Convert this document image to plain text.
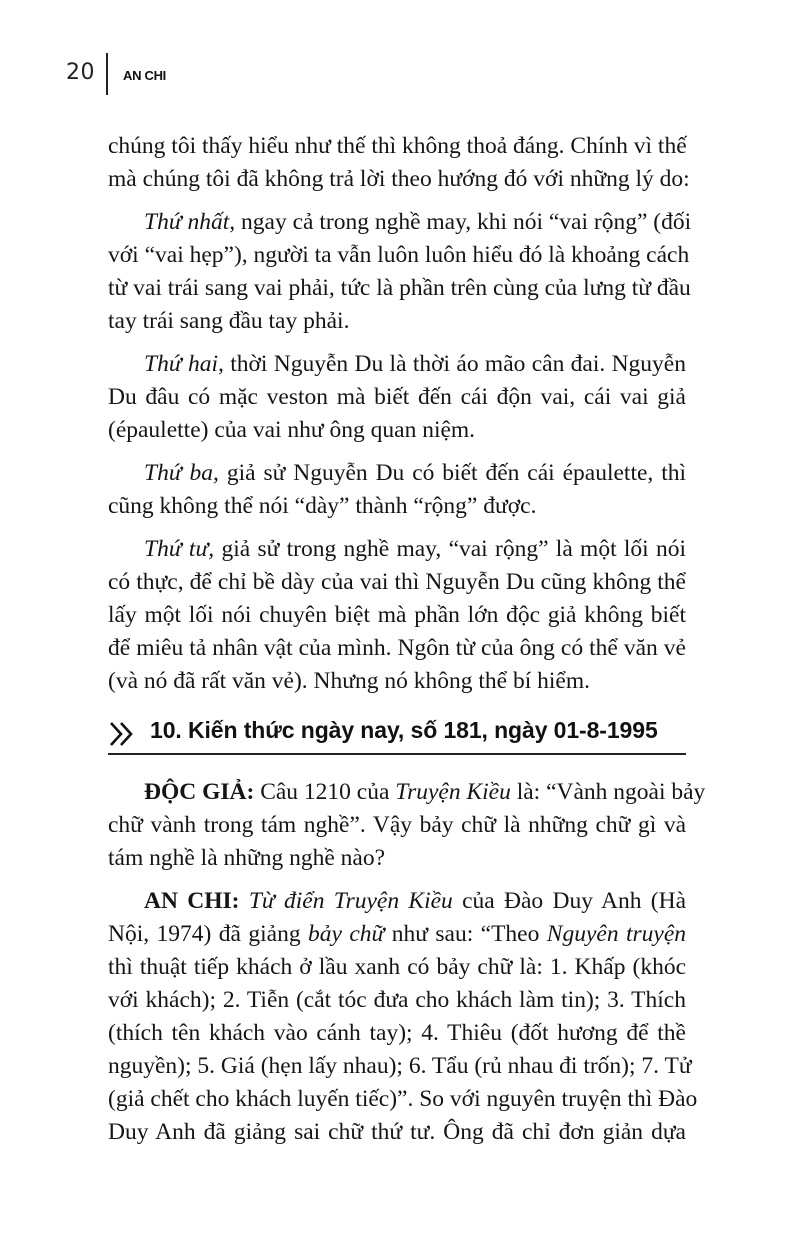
20 AN CHI

chúng tôi thấy hiểu như thế thì không thoả đáng. Chính vì thế
mà chúng tôi đã không trả lời theo hướng đó với những lý do:

Thứ nhất, ngay cả trong nghề may, khi nói “vai rộng” (đối
với “vai hẹp”), người ta vẫn luôn luôn hiểu đó là khoảng cách
từ vai trái sang vai phải, tức là phần trên cùng của lưng từ đầu
tay trái sang đầu tay phải.

Thứ hai, thời Nguyễn Du là thời áo mão cân đai. Nguyễn
Du đâu có mặc veston mà biết đến cái độn vai, cái vai giả
(épaulette) của vai như ông quan niệm.

Thứ ba, giả sử Nguyễn Du có biết đến cái épaulette, thì
cũng không thể nói “dày” thành “rộng” được.

Thứ tư, giả sử trong nghề may, “vai rộng” là một lối nói
có thực, để chỉ bề dày của vai thì Nguyễn Du cũng không thể
lấy một lối nói chuyên biệt mà phần lớn độc giả không biết
để miêu tả nhân vật của mình. Ngôn từ của ông có thể văn vẻ
(và nó đã rất văn vẻ). Nhưng nó không thể bí hiểm.

10. Kiến thức ngày nay, số 181, ngày 01-8-1995

ĐỘC GIẢ: Câu 1210 của Truyện Kiều là: “Vành ngoài bảy
chữ vành trong tám nghề”. Vậy bảy chữ là những chữ gì và
tám nghề là những nghề nào?

AN CHI: Từ điển Truyện Kiều của Đào Duy Anh (Hà
Nội, 1974) đã giảng bảy chữ như sau: “Theo Nguyên truyện
thì thuật tiếp khách ở lầu xanh có bảy chữ là: 1. Khấp (khóc
với khách); 2. Tiễn (cắt tóc đưa cho khách làm tin); 3. Thích
(thích tên khách vào cánh tay); 4. Thiêu (đốt hương để thề
nguyền); 5. Giá (hẹn lấy nhau); 6. Tẩu (rủ nhau đi trốn); 7. Tử
(giả chết cho khách luyến tiếc)”. So với nguyên truyện thì Đào
Duy Anh đã giảng sai chữ thứ tư. Ông đã chỉ đơn giản dựa
